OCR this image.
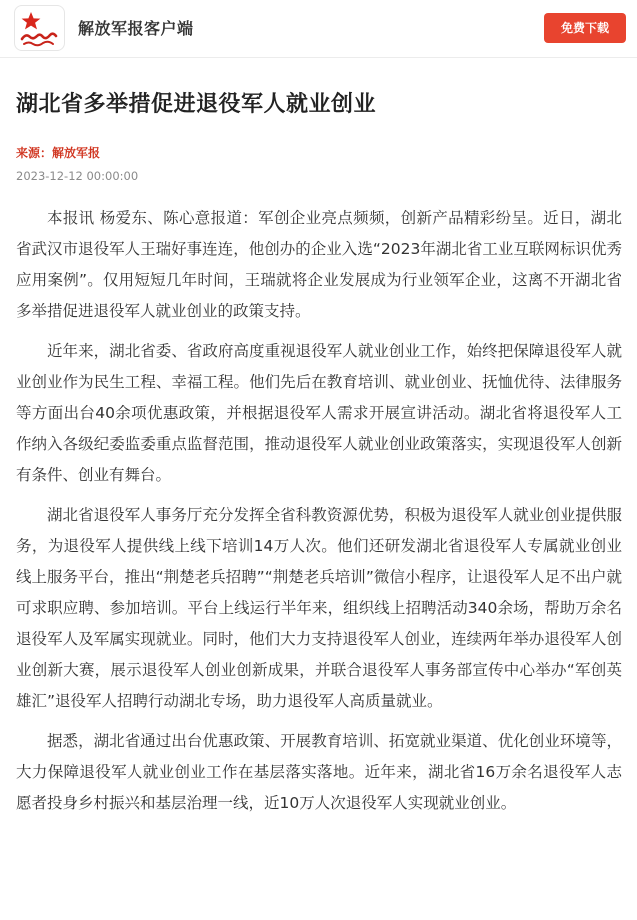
解放军报客户端	免费下载
湖北省多举措促进退役军人就业创业
来源：解放军报
2023-12-12 00:00:00

本报讯 杨爱东、陈心意报道：军创企业亮点频频，创新产品精彩纷呈。近日，湖北省武汉市退役军人王瑞好事连连，他创办的企业入选“2023年湖北省工业互联网标识优秀应用案例”。仅用短短几年时间，王瑞就将企业发展成为行业领军企业，这离不开湖北省多举措促进退役军人就业创业的政策支持。

近年来，湖北省委、省政府高度重视退役军人就业创业工作，始终把保障退役军人就业创业作为民生工程、幸福工程。他们先后在教育培训、就业创业、抚恤优待、法律服务等方面出台40余项优惠政策，并根据退役军人需求开展宣讲活动。湖北省将退役军人工作纳入各级纪委监委重点监督范围，推动退役军人就业创业政策落实，实现退役军人创新有条件、创业有舞台。

湖北省退役军人事务厅充分发挥全省科教资源优势，积极为退役军人就业创业提供服务，为退役军人提供线上线下培训14万人次。他们还研发湖北省退役军人专属就业创业线上服务平台，推出“荆楚老兵招聘”“荆楚老兵培训”微信小程序，让退役军人足不出户就可求职应聘、参加培训。平台上线运行半年来，组织线上招聘活动340余场，帮助万余名退役军人及军属实现就业。同时，他们大力支持退役军人创业，连续两年举办退役军人创业创新大赛，展示退役军人创业创新成果，并联合退役军人事务部宣传中心举办“军创英雄汇”退役军人招聘行动湖北专场，助力退役军人高质量就业。

据悉，湖北省通过出台优惠政策、开展教育培训、拓宽就业渠道、优化创业环境等，大力保障退役军人就业创业工作在基层落实落地。近年来，湖北省16万余名退役军人志愿者投身乡村振兴和基层治理一线，近10万人次退役军人实现就业创业。
